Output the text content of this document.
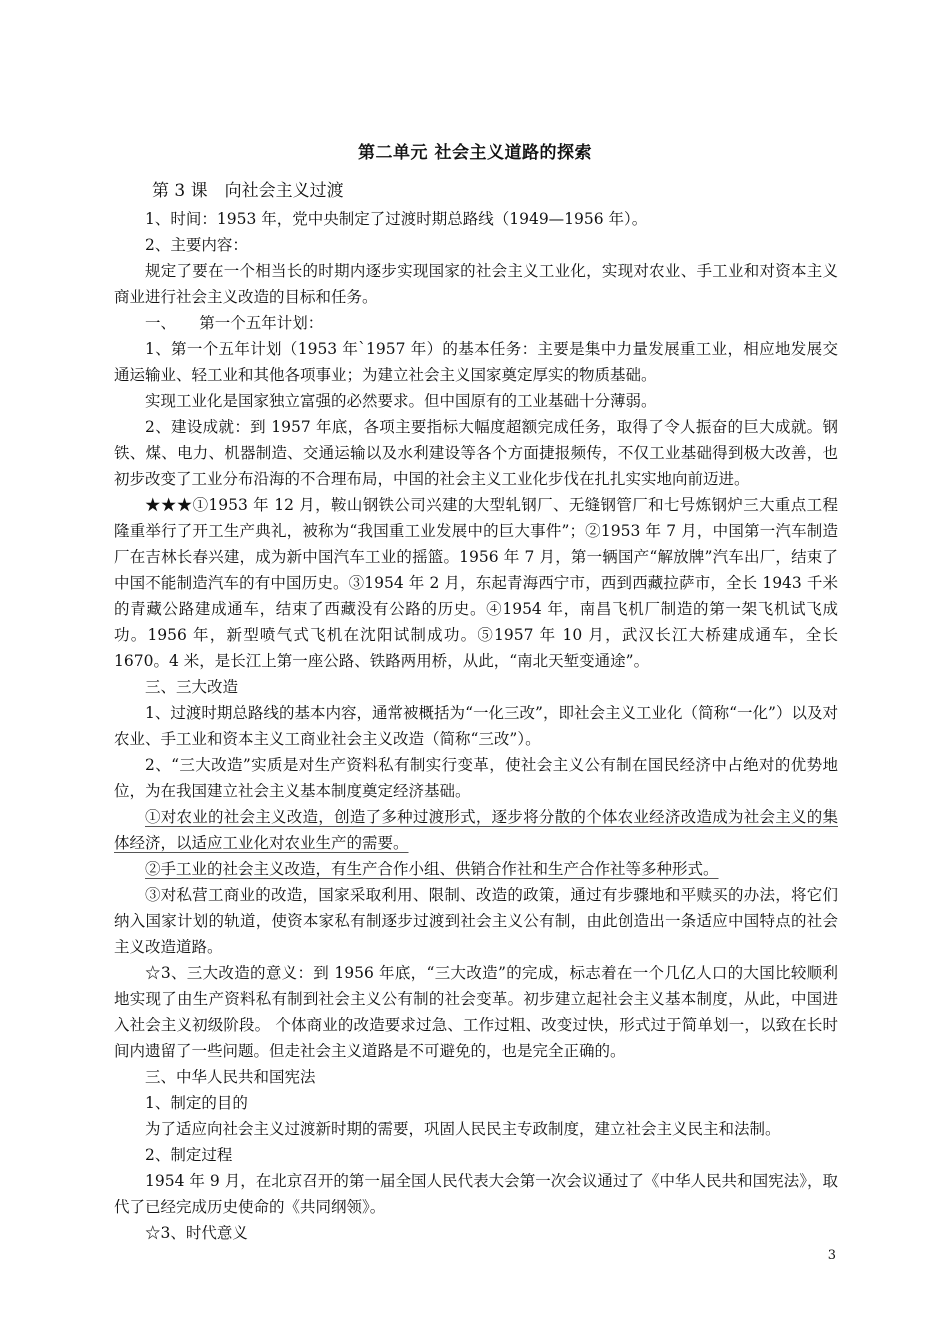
第二单元 社会主义道路的探索

第 3 课　向社会主义过渡

1、时间：1953 年，党中央制定了过渡时期总路线（1949—1956 年）。

2、主要内容：

规定了要在一个相当长的时期内逐步实现国家的社会主义工业化，实现对农业、手工业和对资本主义商业进行社会主义改造的目标和任务。

一、　　第一个五年计划：

1、第一个五年计划（1953 年`1957 年）的基本任务：主要是集中力量发展重工业，相应地发展交通运输业、轻工业和其他各项事业；为建立社会主义国家奠定厚实的物质基础。

实现工业化是国家独立富强的必然要求。但中国原有的工业基础十分薄弱。

2、建设成就：到 1957 年底，各项主要指标大幅度超额完成任务，取得了令人振奋的巨大成就。钢铁、煤、电力、机器制造、交通运输以及水利建设等各个方面捷报频传，不仅工业基础得到极大改善，也初步改变了工业分布沿海的不合理布局，中国的社会主义工业化步伐在扎扎实实地向前迈进。

★★★①1953 年 12 月，鞍山钢铁公司兴建的大型轧钢厂、无缝钢管厂和七号炼钢炉三大重点工程隆重举行了开工生产典礼，被称为“我国重工业发展中的巨大事件”；②1953 年 7 月，中国第一汽车制造厂在吉林长春兴建，成为新中国汽车工业的摇篮。1956 年 7 月，第一辆国产“解放牌”汽车出厂，结束了中国不能制造汽车的有中国历史。③1954 年 2 月，东起青海西宁市，西到西藏拉萨市，全长 1943 千米的青藏公路建成通车，结束了西藏没有公路的历史。④1954 年，南昌飞机厂制造的第一架飞机试飞成功。1956 年，新型喷气式飞机在沈阳试制成功。⑤1957 年 10 月，武汉长江大桥建成通车，全长 1670。4 米，是长江上第一座公路、铁路两用桥，从此，“南北天堑变通途”。

三、三大改造

1、过渡时期总路线的基本内容，通常被概括为“一化三改”，即社会主义工业化（简称“一化”）以及对农业、手工业和资本主义工商业社会主义改造（简称“三改”）。

2、“三大改造”实质是对生产资料私有制实行变革，使社会主义公有制在国民经济中占绝对的优势地位，为在我国建立社会主义基本制度奠定经济基础。

①对农业的社会主义改造，创造了多种过渡形式，逐步将分散的个体农业经济改造成为社会主义的集体经济，以适应工业化对农业生产的需要。

②手工业的社会主义改造，有生产合作小组、供销合作社和生产合作社等多种形式。

③对私营工商业的改造，国家采取利用、限制、改造的政策，通过有步骤地和平赎买的办法，将它们纳入国家计划的轨道，使资本家私有制逐步过渡到社会主义公有制，由此创造出一条适应中国特点的社会主义改造道路。

☆3、三大改造的意义：到 1956 年底，“三大改造”的完成，标志着在一个几亿人口的大国比较顺利地实现了由生产资料私有制到社会主义公有制的社会变革。初步建立起社会主义基本制度，从此，中国进入社会主义初级阶段。 个体商业的改造要求过急、工作过粗、改变过快，形式过于简单划一，以致在长时间内遗留了一些问题。但走社会主义道路是不可避免的，也是完全正确的。

三、中华人民共和国宪法

1、制定的目的

为了适应向社会主义过渡新时期的需要，巩固人民民主专政制度，建立社会主义民主和法制。

2、制定过程

1954 年 9 月，在北京召开的第一届全国人民代表大会第一次会议通过了《中华人民共和国宪法》，取代了已经完成历史使命的《共同纲领》。

☆3、时代意义

3
